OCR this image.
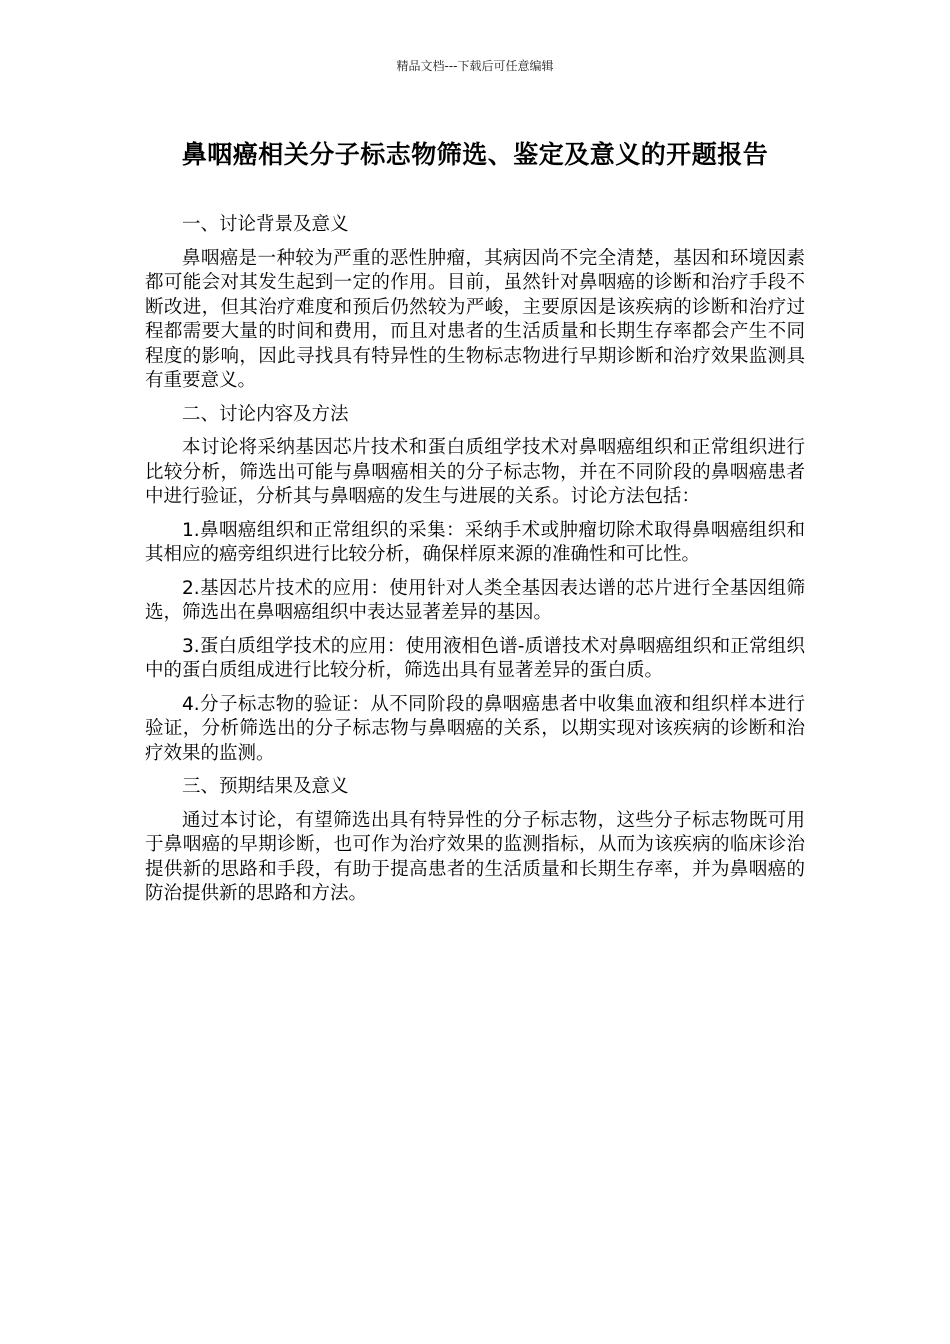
精品文档---下载后可任意编辑
鼻咽癌相关分子标志物筛选、鉴定及意义的开题报告
一、讨论背景及意义

鼻咽癌是一种较为严重的恶性肿瘤，其病因尚不完全清楚，基因和环境因素都可能会对其发生起到一定的作用。目前，虽然针对鼻咽癌的诊断和治疗手段不断改进，但其治疗难度和预后仍然较为严峻，主要原因是该疾病的诊断和治疗过程都需要大量的时间和费用，而且对患者的生活质量和长期生存率都会产生不同程度的影响，因此寻找具有特异性的生物标志物进行早期诊断和治疗效果监测具有重要意义。

二、讨论内容及方法

本讨论将采纳基因芯片技术和蛋白质组学技术对鼻咽癌组织和正常组织进行比较分析，筛选出可能与鼻咽癌相关的分子标志物，并在不同阶段的鼻咽癌患者中进行验证，分析其与鼻咽癌的发生与进展的关系。讨论方法包括：

1.鼻咽癌组织和正常组织的采集：采纳手术或肿瘤切除术取得鼻咽癌组织和其相应的癌旁组织进行比较分析，确保样原来源的准确性和可比性。

2.基因芯片技术的应用：使用针对人类全基因表达谱的芯片进行全基因组筛选，筛选出在鼻咽癌组织中表达显著差异的基因。

3.蛋白质组学技术的应用：使用液相色谱-质谱技术对鼻咽癌组织和正常组织中的蛋白质组成进行比较分析，筛选出具有显著差异的蛋白质。

4.分子标志物的验证：从不同阶段的鼻咽癌患者中收集血液和组织样本进行验证，分析筛选出的分子标志物与鼻咽癌的关系，以期实现对该疾病的诊断和治疗效果的监测。

三、预期结果及意义

通过本讨论，有望筛选出具有特异性的分子标志物，这些分子标志物既可用于鼻咽癌的早期诊断，也可作为治疗效果的监测指标，从而为该疾病的临床诊治提供新的思路和手段，有助于提高患者的生活质量和长期生存率，并为鼻咽癌的防治提供新的思路和方法。
